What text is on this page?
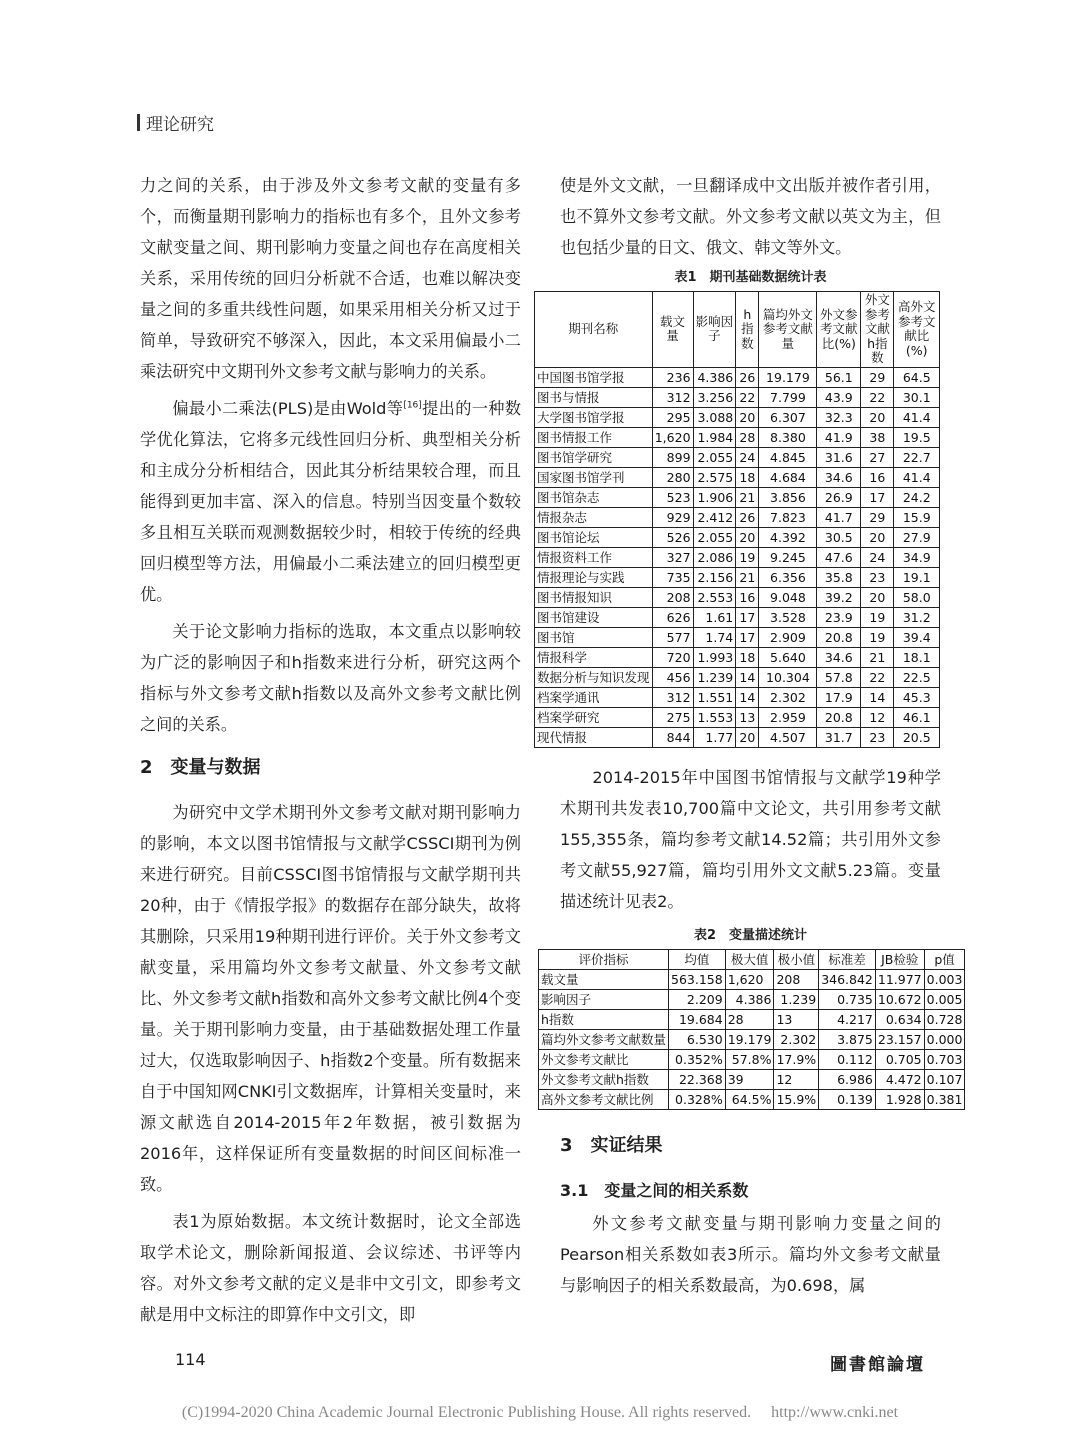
理论研究

力之间的关系，由于涉及外文参考文献的变量有多个，而衡量期刊影响力的指标也有多个，且外文参考文献变量之间、期刊影响力变量之间也存在高度相关关系，采用传统的回归分析就不合适，也难以解决变量之间的多重共线性问题，如果采用相关分析又过于简单，导致研究不够深入，因此，本文采用偏最小二乘法研究中文期刊外文参考文献与影响力的关系。

偏最小二乘法(PLS)是由Wold等[16]提出的一种数学优化算法，它将多元线性回归分析、典型相关分析和主成分分析相结合，因此其分析结果较合理，而且能得到更加丰富、深入的信息。特别当因变量个数较多且相互关联而观测数据较少时，相较于传统的经典回归模型等方法，用偏最小二乘法建立的回归模型更优。

关于论文影响力指标的选取，本文重点以影响较为广泛的影响因子和h指数来进行分析，研究这两个指标与外文参考文献h指数以及高外文参考文献比例之间的关系。

2 变量与数据

为研究中文学术期刊外文参考文献对期刊影响力的影响，本文以图书馆情报与文献学CSSCI期刊为例来进行研究。目前CSSCI图书馆情报与文献学期刊共20种，由于《情报学报》的数据存在部分缺失，故将其删除，只采用19种期刊进行评价。关于外文参考文献变量，采用篇均外文参考文献量、外文参考文献比、外文参考文献h指数和高外文参考文献比例4个变量。关于期刊影响力变量，由于基础数据处理工作量过大，仅选取影响因子、h指数2个变量。所有数据来自于中国知网CNKI引文数据库，计算相关变量时，来源文献选自2014-2015年2年数据，被引数据为2016年，这样保证所有变量数据的时间区间标准一致。

表1为原始数据。本文统计数据时，论文全部选取学术论文，删除新闻报道、会议综述、书评等内容。对外文参考文献的定义是非中文引文，即参考文献是用中文标注的即算作中文引文，即

使是外文文献，一旦翻译成中文出版并被作者引用，也不算外文参考文献。外文参考文献以英文为主，但也包括少量的日文、俄文、韩文等外文。

表1　期刊基础数据统计表
期刊名称	载文量	影响因子	h指数	篇均外文参考文献量	外文参考文献比(%)	外文参考文献h指数	高外文参考文献比(%)
中国图书馆学报	236	4.386	26	19.179	56.1	29	64.5
图书与情报	312	3.256	22	7.799	43.9	22	30.1
大学图书馆学报	295	3.088	20	6.307	32.3	20	41.4
图书情报工作	1,620	1.984	28	8.380	41.9	38	19.5
图书馆学研究	899	2.055	24	4.845	31.6	27	22.7
国家图书馆学刊	280	2.575	18	4.684	34.6	16	41.4
图书馆杂志	523	1.906	21	3.856	26.9	17	24.2
情报杂志	929	2.412	26	7.823	41.7	29	15.9
图书馆论坛	526	2.055	20	4.392	30.5	20	27.9
情报资料工作	327	2.086	19	9.245	47.6	24	34.9
情报理论与实践	735	2.156	21	6.356	35.8	23	19.1
图书情报知识	208	2.553	16	9.048	39.2	20	58.0
图书馆建设	626	1.61	17	3.528	23.9	19	31.2
图书馆	577	1.74	17	2.909	20.8	19	39.4
情报科学	720	1.993	18	5.640	34.6	21	18.1
数据分析与知识发现	456	1.239	14	10.304	57.8	22	22.5
档案学通讯	312	1.551	14	2.302	17.9	14	45.3
档案学研究	275	1.553	13	2.959	20.8	12	46.1
现代情报	844	1.77	20	4.507	31.7	23	20.5

2014-2015年中国图书馆情报与文献学19种学术期刊共发表10,700篇中文论文，共引用参考文献155,355条，篇均参考文献14.52篇；共引用外文参考文献55,927篇，篇均引用外文文献5.23篇。变量描述统计见表2。

表2　变量描述统计
评价指标	均值	极大值	极小值	标准差	JB检验	p值
载文量	563.158	1,620	208	346.842	11.977	0.003
影响因子	2.209	4.386	1.239	0.735	10.672	0.005
h指数	19.684	28	13	4.217	0.634	0.728
篇均外文参考文献数量	6.530	19.179	2.302	3.875	23.157	0.000
外文参考文献比	0.352%	57.8%	17.9%	0.112	0.705	0.703
外文参考文献h指数	22.368	39	12	6.986	4.472	0.107
高外文参考文献比例	0.328%	64.5%	15.9%	0.139	1.928	0.381
3 实证结果
3.1 变量之间的相关系数

外文参考文献变量与期刊影响力变量之间的Pearson相关系数如表3所示。篇均外文参考文献量与影响因子的相关系数最高，为0.698，属

114	圖書館論壇
(C)1994-2020 China Academic Journal Electronic Publishing House. All rights reserved. http://www.cnki.net
